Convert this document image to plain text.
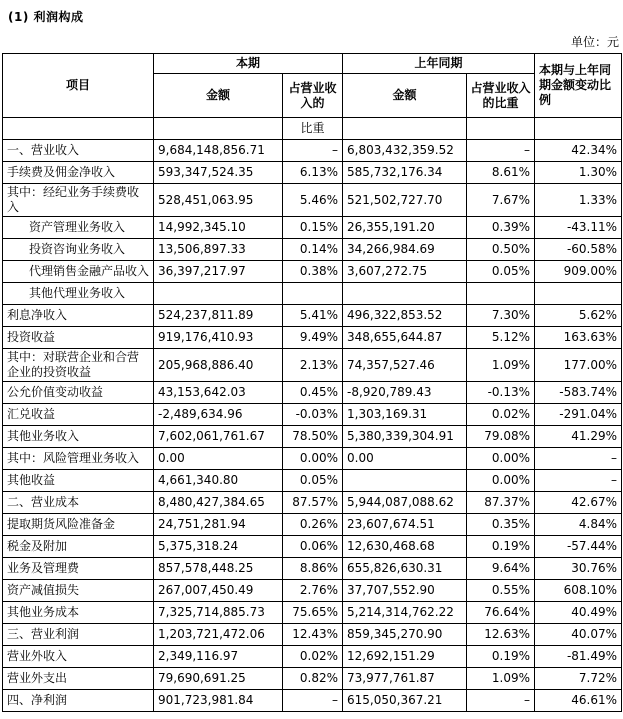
(1) 利润构成
单位：元
项目	本期		上年同期		本期与上年同期金额变动比例
	金额	占营业收入的	金额	占营业收入的比重	
		比重			
一、营业收入	9,684,148,856.71	–	6,803,432,359.52	–	42.34%
手续费及佣金净收入	593,347,524.35	6.13%	585,732,176.34	8.61%	1.30%
其中：经纪业务手续费收入	528,451,063.95	5.46%	521,502,727.70	7.67%	1.33%
资产管理业务收入	14,992,345.10	0.15%	26,355,191.20	0.39%	-43.11%
投资咨询业务收入	13,506,897.33	0.14%	34,266,984.69	0.50%	-60.58%
代理销售金融产品收入	36,397,217.97	0.38%	3,607,272.75	0.05%	909.00%
其他代理业务收入					
利息净收入	524,237,811.89	5.41%	496,322,853.52	7.30%	5.62%
投资收益	919,176,410.93	9.49%	348,655,644.87	5.12%	163.63%
其中：对联营企业和合营企业的投资收益	205,968,886.40	2.13%	74,357,527.46	1.09%	177.00%
公允价值变动收益	43,153,642.03	0.45%	-8,920,789.43	-0.13%	-583.74%
汇兑收益	-2,489,634.96	-0.03%	1,303,169.31	0.02%	-291.04%
其他业务收入	7,602,061,761.67	78.50%	5,380,339,304.91	79.08%	41.29%
其中：风险管理业务收入	0.00	0.00%	0.00	0.00%	–
其他收益	4,661,340.80	0.05%		0.00%	–
二、营业成本	8,480,427,384.65	87.57%	5,944,087,088.62	87.37%	42.67%
提取期货风险准备金	24,751,281.94	0.26%	23,607,674.51	0.35%	4.84%
税金及附加	5,375,318.24	0.06%	12,630,468.68	0.19%	-57.44%
业务及管理费	857,578,448.25	8.86%	655,826,630.31	9.64%	30.76%
资产减值损失	267,007,450.49	2.76%	37,707,552.90	0.55%	608.10%
其他业务成本	7,325,714,885.73	75.65%	5,214,314,762.22	76.64%	40.49%
三、营业利润	1,203,721,472.06	12.43%	859,345,270.90	12.63%	40.07%
营业外收入	2,349,116.97	0.02%	12,692,151.29	0.19%	-81.49%
营业外支出	79,690,691.25	0.82%	73,977,761.87	1.09%	7.72%
四、净利润	901,723,981.84	–	615,050,367.21	–	46.61%
